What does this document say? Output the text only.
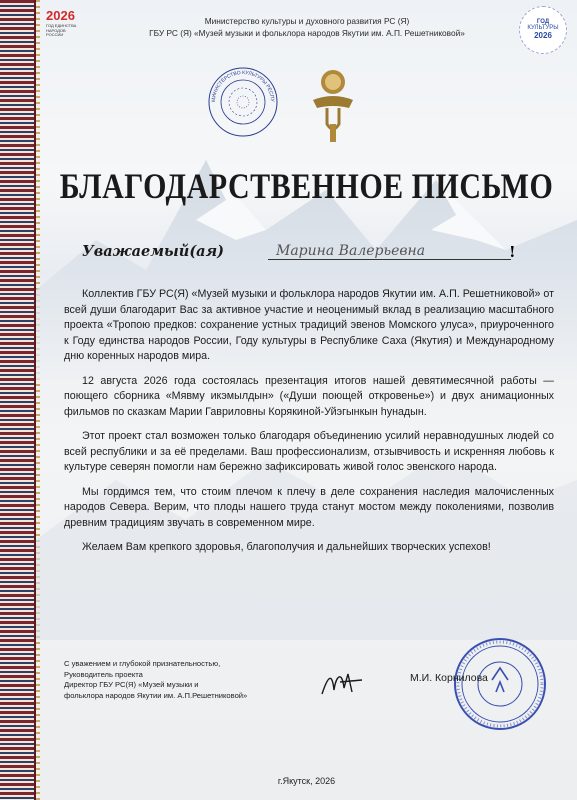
2026
ГОД ЕДИНСТВА НАРОДОВ РОССИИ
Министерство культуры и духовного развития РС (Я)
ГБУ РС (Я) «Музей музыки и фольклора народов Якутии им. А.П. Решетниковой»
ГОД
КУЛЬТУРЫ
2026
МИНИСТЕРСТВО КУЛЬТУРЫ РЕСПУ
БЛАГОДАРСТВЕННОЕ ПИСЬМО
Уважаемый(ая)	Марина Валерьевна	!

Коллектив ГБУ РС(Я) «Музей музыки и фольклора народов Якутии им. А.П. Решетниковой» от всей души благодарит Вас за активное участие и неоценимый вклад в реализацию масштабного проекта «Тропою предков: сохранение устных традиций эвенов Момского улуса», приуроченного к Году единства народов России, Году культуры в Республике Саха (Якутия) и Международному дню коренных народов мира.

12 августа 2026 года состоялась презентация итогов нашей девятимесячной работы — поющего сборника «Мявму икэмылдын» («Души поющей откровенье») и двух анимационных фильмов по сказкам Марии Гавриловны Корякиной-Уйэгынкын һунадын.

Этот проект стал возможен только благодаря объединению усилий неравнодушных людей со всей республики и за её пределами. Ваш профессионализм, отзывчивость и искренняя любовь к культуре северян помогли нам бережно зафиксировать живой голос эвенского народа.

Мы гордимся тем, что стоим плечом к плечу в деле сохранения наследия малочисленных народов Севера. Верим, что плоды нашего труда станут мостом между поколениями, позволив древним традициям звучать в современном мире.

Желаем Вам крепкого здоровья, благополучия и дальнейших творческих успехов!

С уважением и глубокой признательностью,
Руководитель проекта
Директор ГБУ РС(Я) «Музей музыки и
фольклора народов Якутии им. А.П.Решетниковой»
М.И. Корнилова
г.Якутск, 2026
